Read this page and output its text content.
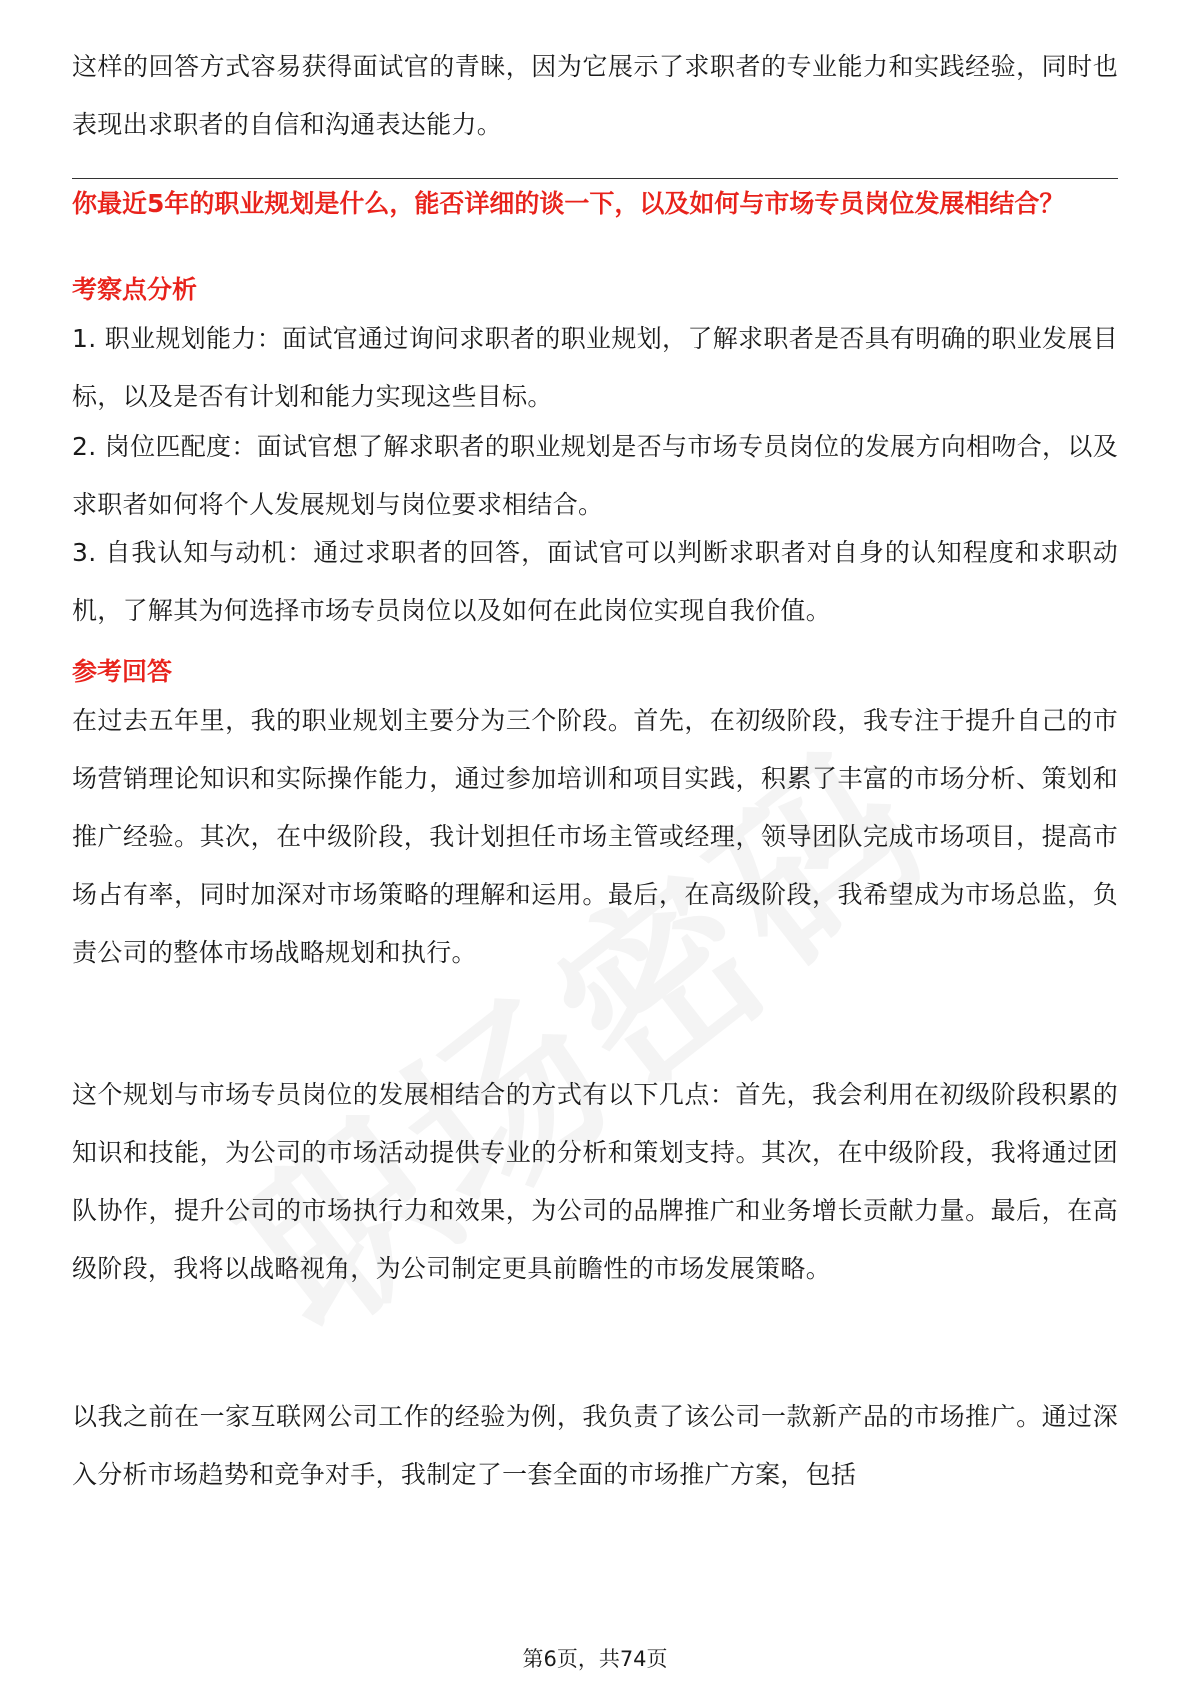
这样的回答方式容易获得面试官的青睐，因为它展示了求职者的专业能力和实践经验，同时也表现出求职者的自信和沟通表达能力。

你最近5年的职业规划是什么，能否详细的谈一下，以及如何与市场专员岗位发展相结合？

考察点分析

1. 职业规划能力：面试官通过询问求职者的职业规划，了解求职者是否具有明确的职业发展目标，以及是否有计划和能力实现这些目标。

2. 岗位匹配度：面试官想了解求职者的职业规划是否与市场专员岗位的发展方向相吻合，以及求职者如何将个人发展规划与岗位要求相结合。

3. 自我认知与动机：通过求职者的回答，面试官可以判断求职者对自身的认知程度和求职动机，了解其为何选择市场专员岗位以及如何在此岗位实现自我价值。

参考回答

在过去五年里，我的职业规划主要分为三个阶段。首先，在初级阶段，我专注于提升自己的市场营销理论知识和实际操作能力，通过参加培训和项目实践，积累了丰富的市场分析、策划和推广经验。其次，在中级阶段，我计划担任市场主管或经理，领导团队完成市场项目，提高市场占有率，同时加深对市场策略的理解和运用。最后，在高级阶段，我希望成为市场总监，负责公司的整体市场战略规划和执行。

这个规划与市场专员岗位的发展相结合的方式有以下几点：首先，我会利用在初级阶段积累的知识和技能，为公司的市场活动提供专业的分析和策划支持。其次，在中级阶段，我将通过团队协作，提升公司的市场执行力和效果，为公司的品牌推广和业务增长贡献力量。最后，在高级阶段，我将以战略视角，为公司制定更具前瞻性的市场发展策略。

以我之前在一家互联网公司工作的经验为例，我负责了该公司一款新产品的市场推广。通过深入分析市场趋势和竞争对手，我制定了一套全面的市场推广方案，包括

第6页，共74页
